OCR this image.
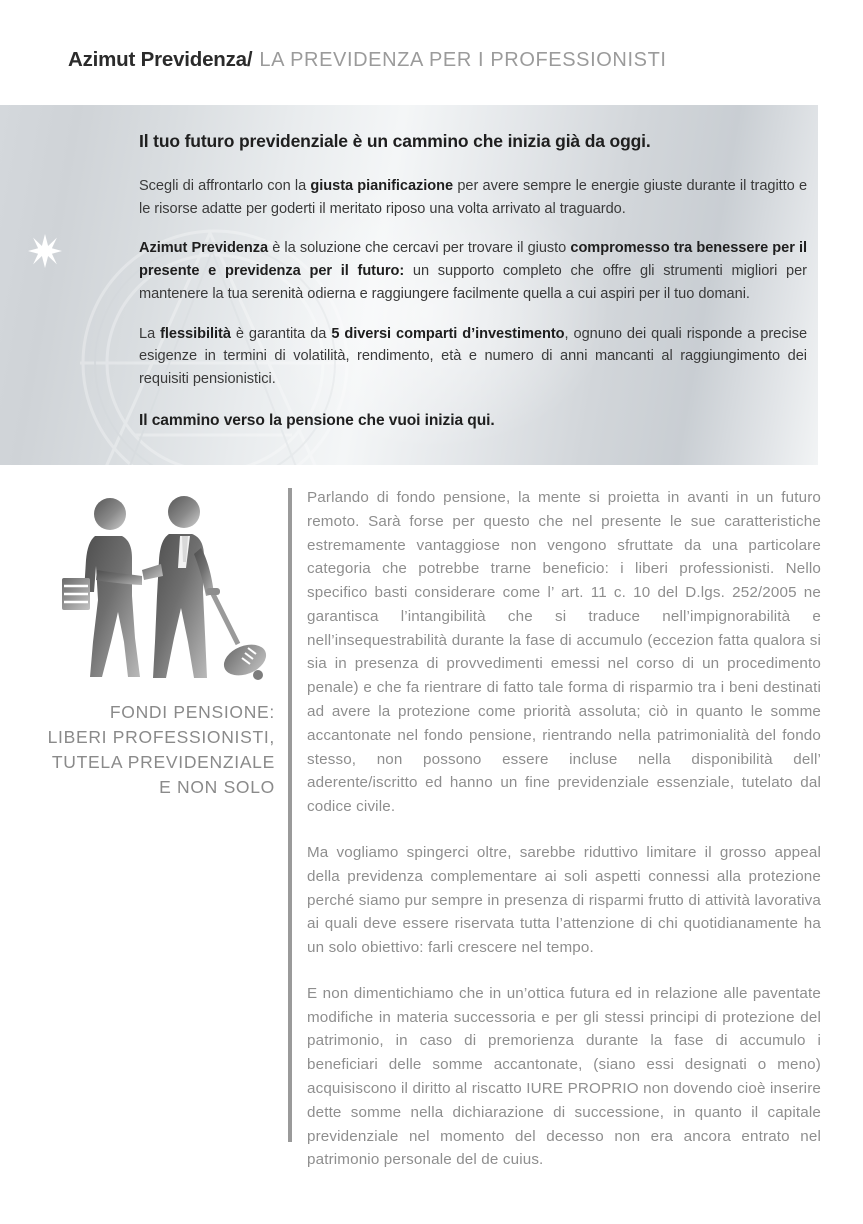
Azimut Previdenza/ LA PREVIDENZA PER I PROFESSIONISTI
Il tuo futuro previdenziale è un cammino che inizia già da oggi.

Scegli di affrontarlo con la giusta pianificazione per avere sempre le energie giuste durante il tragitto e le risorse adatte per goderti il meritato riposo una volta arrivato al traguardo.

Azimut Previdenza è la soluzione che cercavi per trovare il giusto compromesso tra benessere per il presente e previdenza per il futuro: un supporto completo che offre gli strumenti migliori per mantenere la tua serenità odierna e raggiungere facilmente quella a cui aspiri per il tuo domani.

La flessibilità è garantita da 5 diversi comparti d’investimento, ognuno dei quali risponde a precise esigenze in termini di volatilità, rendimento, età e numero di anni mancanti al raggiungimento dei requisiti pensionistici.

Il cammino verso la pensione che vuoi inizia qui.

FONDI PENSIONE:
LIBERI PROFESSIONISTI,
TUTELA PREVIDENZIALE
E NON SOLO

Parlando di fondo pensione, la mente si proietta in avanti in un futuro remoto. Sarà forse per questo che nel presente le sue caratteristiche estremamente vantaggiose non vengono sfruttate da una particolare categoria che potrebbe trarne beneficio: i liberi professionisti. Nello specifico basti considerare come l’ art. 11 c. 10 del D.lgs. 252/2005 ne garantisca l’intangibilità che si traduce nell’impignorabilità e nell’insequestrabilità durante la fase di accumulo (eccezion fatta qualora si sia in presenza di provvedimenti emessi nel corso di un procedimento penale) e che fa rientrare di fatto tale forma di risparmio tra i beni destinati ad avere la protezione come priorità assoluta; ciò in quanto le somme accantonate nel fondo pensione, rientrando nella patrimonialità del fondo stesso, non possono essere incluse nella disponibilità dell’ aderente/iscritto ed hanno un fine previdenziale essenziale, tutelato dal codice civile.

Ma vogliamo spingerci oltre, sarebbe riduttivo limitare il grosso appeal della previdenza complementare ai soli aspetti connessi alla protezione perché siamo pur sempre in presenza di risparmi frutto di attività lavorativa ai quali deve essere riservata tutta l’attenzione di chi quotidianamente ha un solo obiettivo: farli crescere nel tempo.

E non dimentichiamo che in un’ottica futura ed in relazione alle paventate modifiche in materia successoria e per gli stessi principi di protezione del patrimonio, in caso di premorienza durante la fase di accumulo i beneficiari delle somme accantonate, (siano essi designati o meno) acquisiscono il diritto al riscatto IURE PROPRIO non dovendo cioè inserire dette somme nella dichiarazione di successione, in quanto il capitale previdenziale nel momento del decesso non era ancora entrato nel patrimonio personale del de cuius.
